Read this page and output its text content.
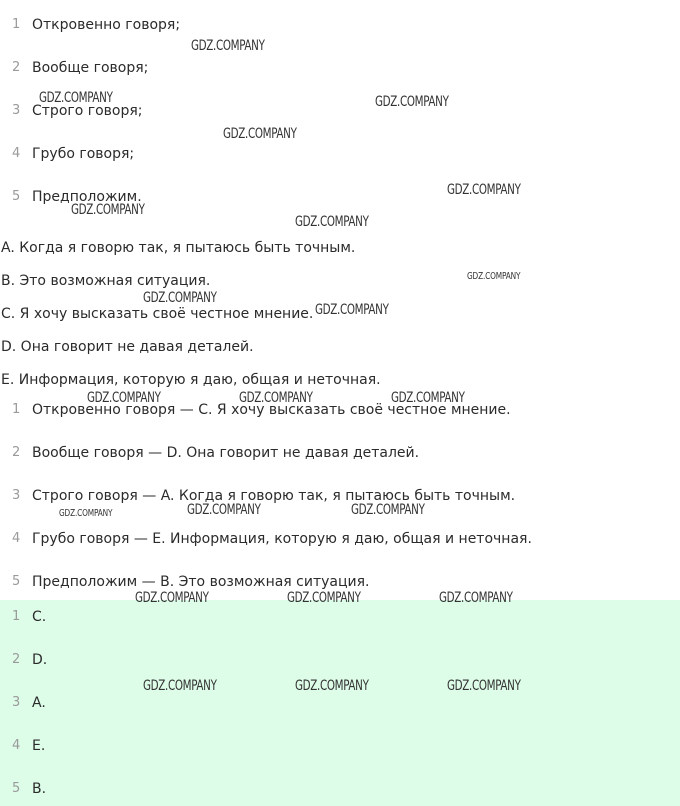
1 Откровенно говоря;
2 Вообще говоря;
3 Строго говоря;
4 Грубо говоря;
5 Предположим.
A. Когда я говорю так, я пытаюсь быть точным.
B. Это возможная ситуация.
C. Я хочу высказать своё честное мнение.
D. Она говорит не давая деталей.
E. Информация, которую я даю, общая и неточная.
1 Откровенно говоря — C. Я хочу высказать своё честное мнение.
2 Вообще говоря — D. Она говорит не давая деталей.
3 Строго говоря — A. Когда я говорю так, я пытаюсь быть точным.
4 Грубо говоря — E. Информация, которую я даю, общая и неточная.
5 Предположим — B. Это возможная ситуация.
1 C.
2 D.
3 A.
4 E.
5 B.
GDZ.COMPANY
GDZ.COMPANY	GDZ.COMPANY
GDZ.COMPANY
GDZ.COMPANY
GDZ.COMPANY
GDZ.COMPANY
GDZ.COMPANY
GDZ.COMPANY
GDZ.COMPANY
GDZ.COMPANY	GDZ.COMPANY	GDZ.COMPANY
GDZ.COMPANY	GDZ.COMPANY	GDZ.COMPANY
GDZ.COMPANY	GDZ.COMPANY	GDZ.COMPANY
GDZ.COMPANY	GDZ.COMPANY	GDZ.COMPANY
